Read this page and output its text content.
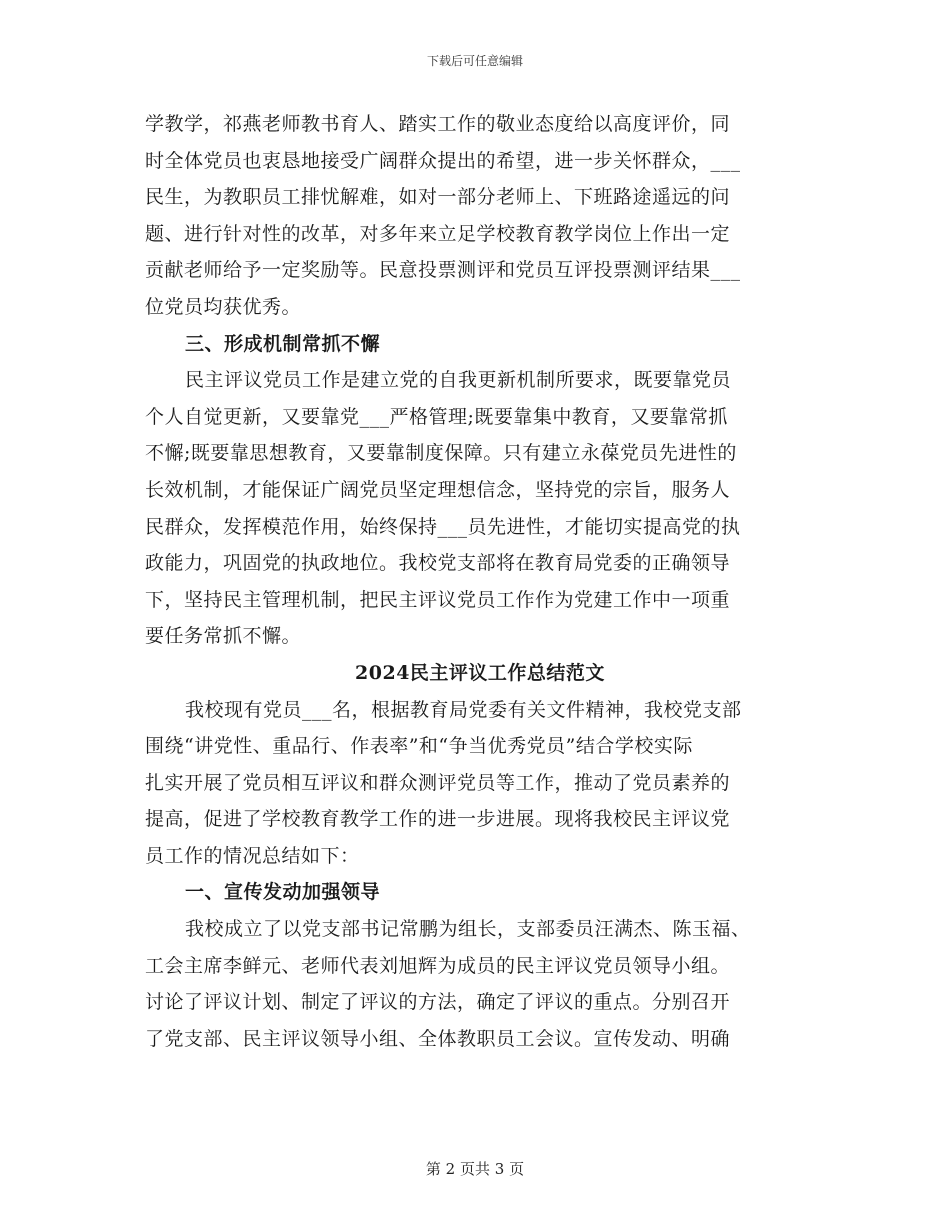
下载后可任意编辑
学教学，祁燕老师教书育人、踏实工作的敬业态度给以高度评价，同
时全体党员也衷恳地接受广阔群众提出的希望，进一步关怀群众，___
民生，为教职员工排忧解难，如对一部分老师上、下班路途遥远的问
题、进行针对性的改革，对多年来立足学校教育教学岗位上作出一定
贡献老师给予一定奖励等。民意投票测评和党员互评投票测评结果___
位党员均获优秀。
三、形成机制常抓不懈
民主评议党员工作是建立党的自我更新机制所要求，既要靠党员
个人自觉更新，又要靠党___严格管理;既要靠集中教育，又要靠常抓
不懈;既要靠思想教育，又要靠制度保障。只有建立永葆党员先进性的
长效机制，才能保证广阔党员坚定理想信念，坚持党的宗旨，服务人
民群众，发挥模范作用，始终保持___员先进性，才能切实提高党的执
政能力，巩固党的执政地位。我校党支部将在教育局党委的正确领导
下，坚持民主管理机制，把民主评议党员工作作为党建工作中一项重
要任务常抓不懈。
2024民主评议工作总结范文
我校现有党员___名，根据教育局党委有关文件精神，我校党支部
围绕“讲党性、重品行、作表率”和“争当优秀党员”结合学校实际
扎实开展了党员相互评议和群众测评党员等工作，推动了党员素养的
提高，促进了学校教育教学工作的进一步进展。现将我校民主评议党
员工作的情况总结如下：
一、宣传发动加强领导
我校成立了以党支部书记常鹏为组长，支部委员汪满杰、陈玉福、
工会主席李鲜元、老师代表刘旭辉为成员的民主评议党员领导小组。
讨论了评议计划、制定了评议的方法，确定了评议的重点。分别召开
了党支部、民主评议领导小组、全体教职员工会议。宣传发动、明确
第 2 页共 3 页
